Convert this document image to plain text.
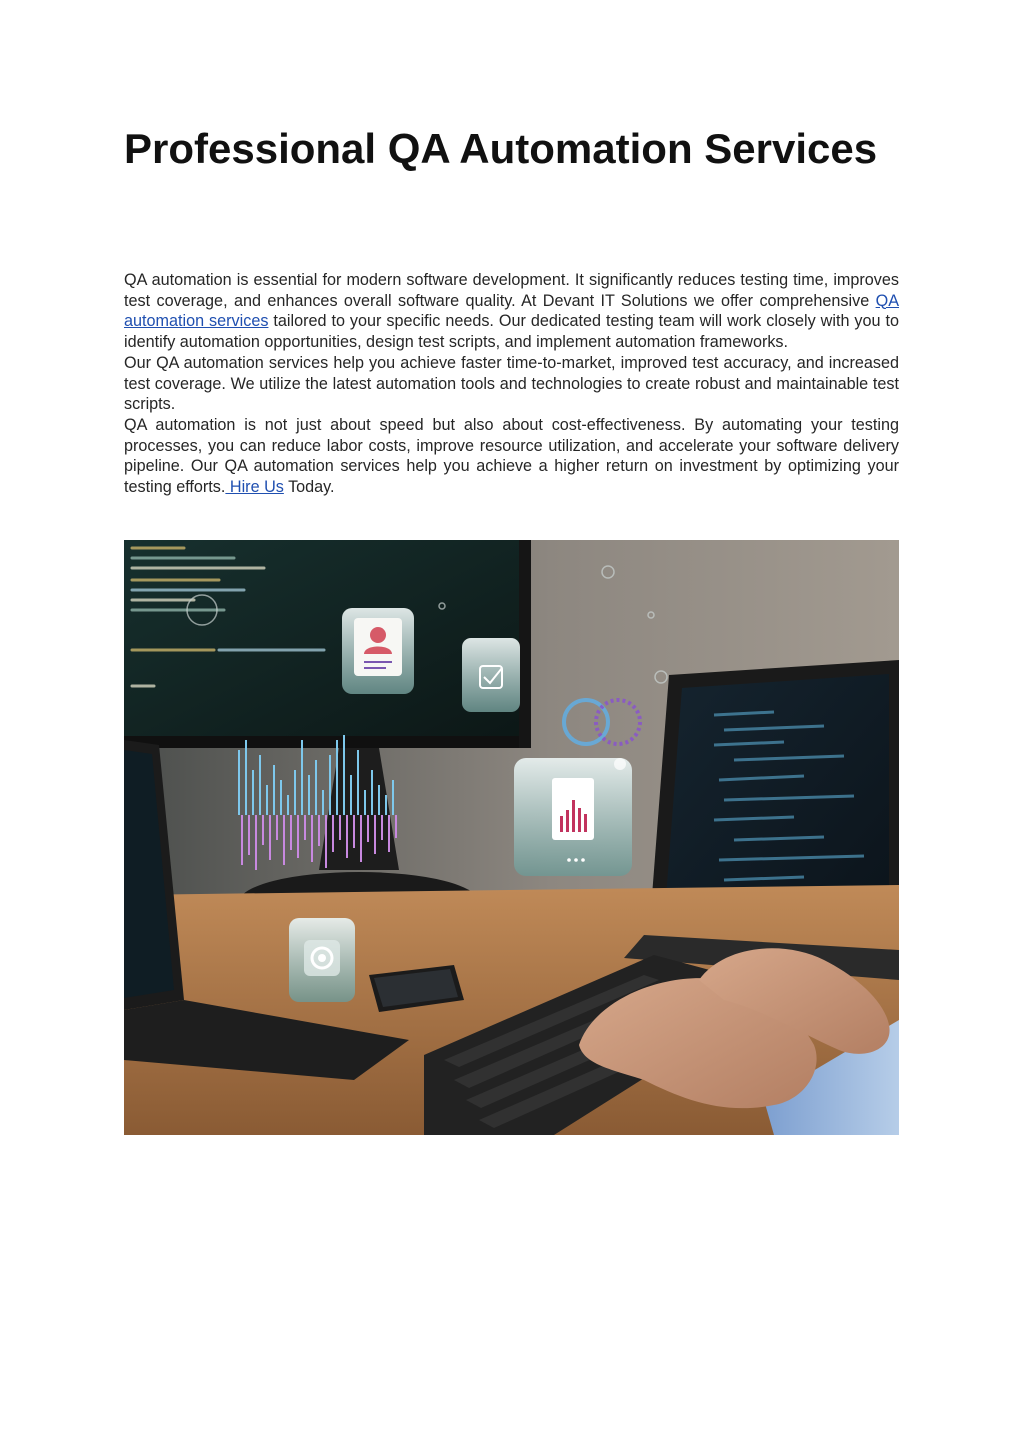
Professional QA Automation Services

QA automation is essential for modern software development. It significantly reduces testing time, improves test coverage, and enhances overall software quality. At Devant IT Solutions we offer comprehensive QA automation services tailored to your specific needs. Our dedicated testing team will work closely with you to identify automation opportunities, design test scripts, and implement automation frameworks.

Our QA automation services help you achieve faster time-to-market, improved test accuracy, and increased test coverage. We utilize the latest automation tools and technologies to create robust and maintainable test scripts.

QA automation is not just about speed but also about cost-effectiveness. By automating your testing processes, you can reduce labor costs, improve resource utilization, and accelerate your software delivery pipeline. Our QA automation services help you achieve a higher return on investment by optimizing your testing efforts. Hire Us Today.
